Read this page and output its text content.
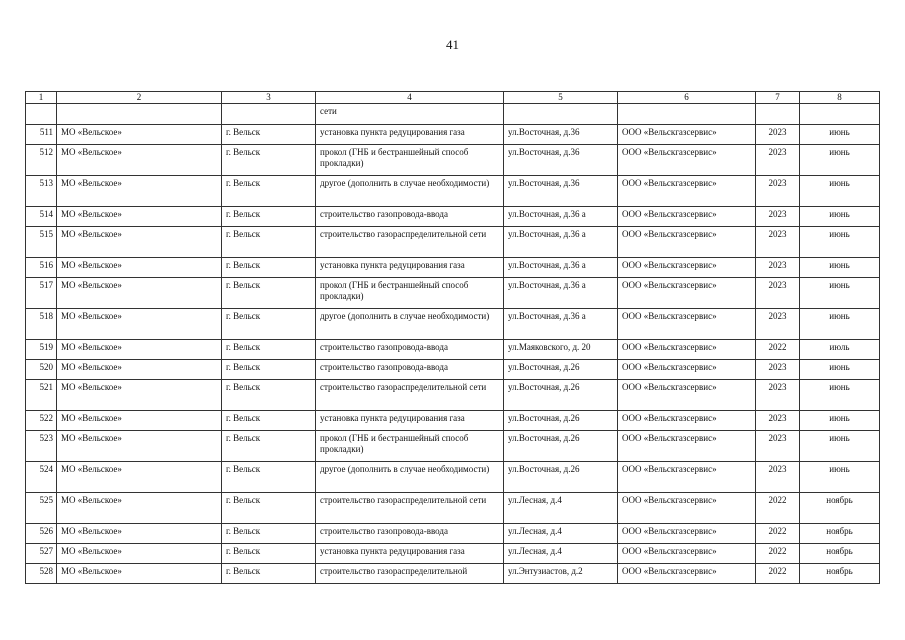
41
1	2	3	4	5	6	7	8
			сети				
511	МО «Вельское»	г. Вельск	установка пункта редуцирования газа	ул.Восточная, д.36	ООО «Вельскгазсервис»	2023	июнь
512	МО «Вельское»	г. Вельск	прокол (ГНБ и бестраншейный способ прокладки)	ул.Восточная, д.36	ООО «Вельскгазсервис»	2023	июнь
513	МО «Вельское»	г. Вельск	другое (дополнить в случае необходимости)	ул.Восточная, д.36	ООО «Вельскгазсервис»	2023	июнь
514	МО «Вельское»	г. Вельск	строительство газопровода-ввода	ул.Восточная, д.36 а	ООО «Вельскгазсервис»	2023	июнь
515	МО «Вельское»	г. Вельск	строительство газораспределительной сети	ул.Восточная, д.36 а	ООО «Вельскгазсервис»	2023	июнь
516	МО «Вельское»	г. Вельск	установка пункта редуцирования газа	ул.Восточная, д.36 а	ООО «Вельскгазсервис»	2023	июнь
517	МО «Вельское»	г. Вельск	прокол (ГНБ и бестраншейный способ прокладки)	ул.Восточная, д.36 а	ООО «Вельскгазсервис»	2023	июнь
518	МО «Вельское»	г. Вельск	другое (дополнить в случае необходимости)	ул.Восточная, д.36 а	ООО «Вельскгазсервис»	2023	июнь
519	МО «Вельское»	г. Вельск	строительство газопровода-ввода	ул.Маяковского, д. 20	ООО «Вельскгазсервис»	2022	июль
520	МО «Вельское»	г. Вельск	строительство газопровода-ввода	ул.Восточная, д.26	ООО «Вельскгазсервис»	2023	июнь
521	МО «Вельское»	г. Вельск	строительство газораспределительной сети	ул.Восточная, д.26	ООО «Вельскгазсервис»	2023	июнь
522	МО «Вельское»	г. Вельск	установка пункта редуцирования газа	ул.Восточная, д.26	ООО «Вельскгазсервис»	2023	июнь
523	МО «Вельское»	г. Вельск	прокол (ГНБ и бестраншейный способ прокладки)	ул.Восточная, д.26	ООО «Вельскгазсервис»	2023	июнь
524	МО «Вельское»	г. Вельск	другое (дополнить в случае необходимости)	ул.Восточная, д.26	ООО «Вельскгазсервис»	2023	июнь
525	МО «Вельское»	г. Вельск	строительство газораспределительной сети	ул.Лесная, д.4	ООО «Вельскгазсервис»	2022	ноябрь
526	МО «Вельское»	г. Вельск	строительство газопровода-ввода	ул.Лесная, д.4	ООО «Вельскгазсервис»	2022	ноябрь
527	МО «Вельское»	г. Вельск	установка пункта редуцирования газа	ул.Лесная, д.4	ООО «Вельскгазсервис»	2022	ноябрь
528	МО «Вельское»	г. Вельск	строительство газораспределительной	ул.Энтузиастов, д.2	ООО «Вельскгазсервис»	2022	ноябрь
